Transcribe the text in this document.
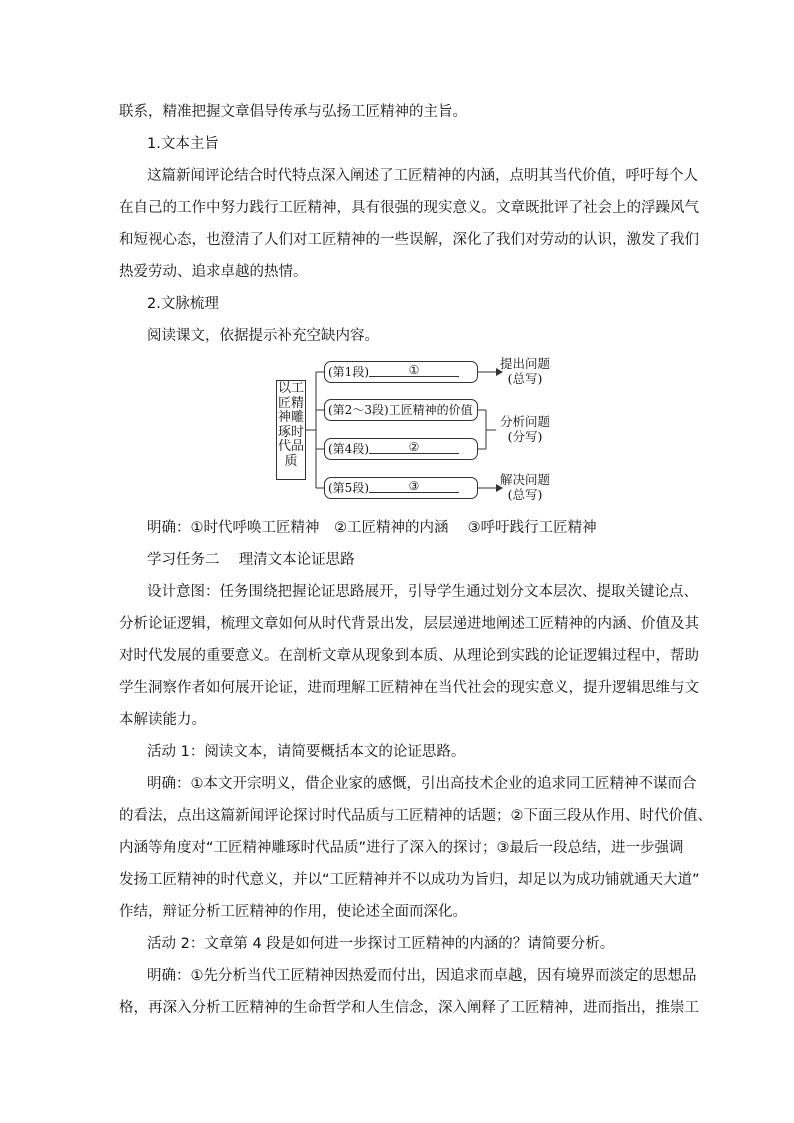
联系，精准把握文章倡导传承与弘扬工匠精神的主旨。
1.文本主旨
这篇新闻评论结合时代特点深入阐述了工匠精神的内涵，点明其当代价值，呼吁每个人
在自己的工作中努力践行工匠精神，具有很强的现实意义。文章既批评了社会上的浮躁风气
和短视心态，也澄清了人们对工匠精神的一些误解，深化了我们对劳动的认识，激发了我们
热爱劳动、追求卓越的热情。
2.文脉梳理
阅读课文，依据提示补充空缺内容。
以工
匠精
神雕
琢时
代品
质
(第1段)	①
(第2～3段)工匠精神的价值
(第4段)	②
(第5段)	③
提出问题
(总写)
分析问题
(分写)
解决问题
(总写)
明确：①时代呼唤工匠精神　②工匠精神的内涵　 ③呼吁践行工匠精神
学习任务二　 理清文本论证思路
设计意图：任务围绕把握论证思路展开，引导学生通过划分文本层次、提取关键论点、
分析论证逻辑，梳理文章如何从时代背景出发，层层递进地阐述工匠精神的内涵、价值及其
对时代发展的重要意义。在剖析文章从现象到本质、从理论到实践的论证逻辑过程中，帮助
学生洞察作者如何展开论证，进而理解工匠精神在当代社会的现实意义，提升逻辑思维与文
本解读能力。
活动 1：阅读文本，请简要概括本文的论证思路。
明确：①本文开宗明义，借企业家的感慨，引出高技术企业的追求同工匠精神不谋而合
的看法，点出这篇新闻评论探讨时代品质与工匠精神的话题；②下面三段从作用、时代价值、
内涵等角度对“工匠精神雕琢时代品质”进行了深入的探讨；③最后一段总结，进一步强调
发扬工匠精神的时代意义，并以“工匠精神并不以成功为旨归，却足以为成功铺就通天大道”
作结，辩证分析工匠精神的作用，使论述全面而深化。
活动 2：文章第 4 段是如何进一步探讨工匠精神的内涵的？请简要分析。
明确：①先分析当代工匠精神因热爱而付出，因追求而卓越，因有境界而淡定的思想品
格，再深入分析工匠精神的生命哲学和人生信念，深入阐释了工匠精神，进而指出，推崇工
